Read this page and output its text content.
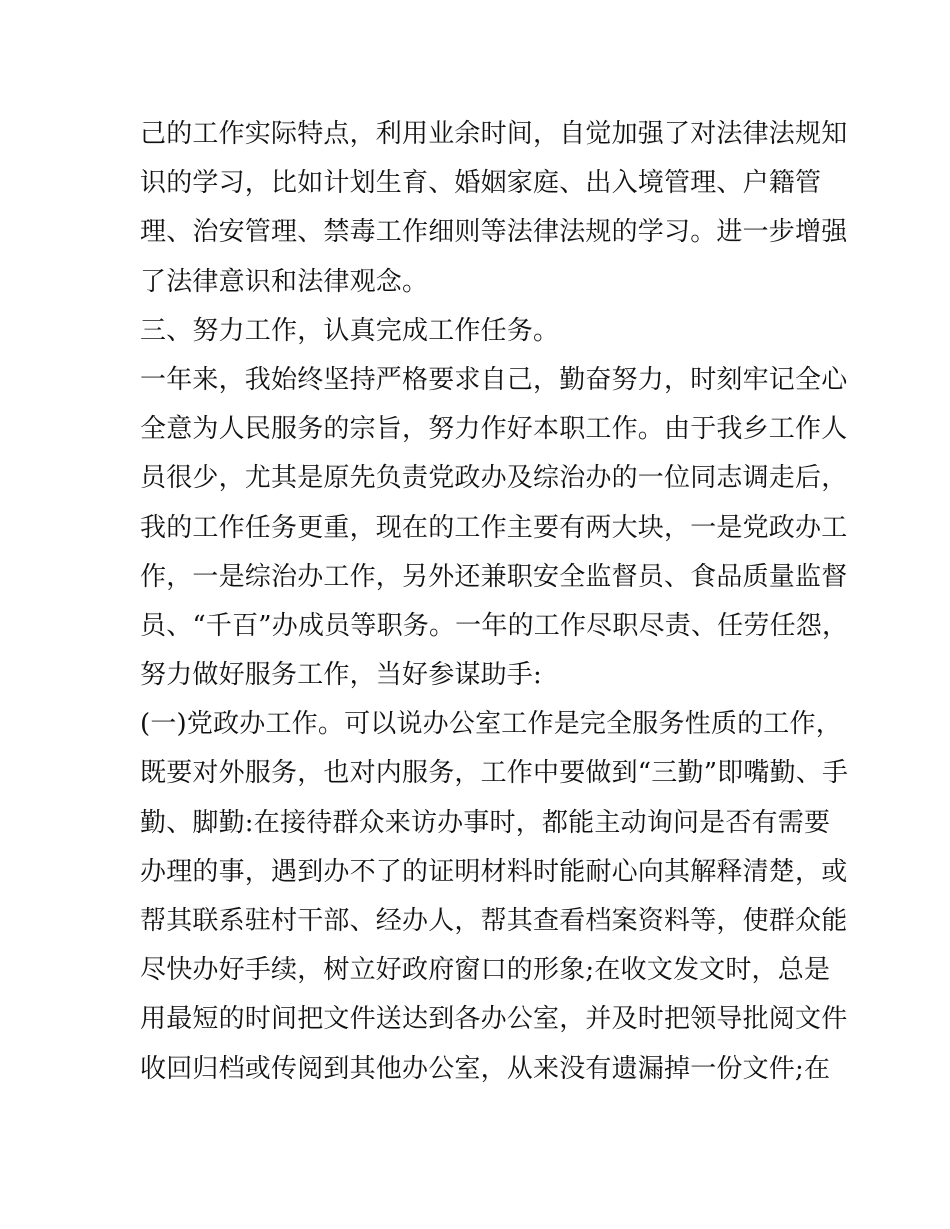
己的工作实际特点，利用业余时间，自觉加强了对法律法规知
识的学习，比如计划生育、婚姻家庭、出入境管理、户籍管
理、治安管理、禁毒工作细则等法律法规的学习。进一步增强
了法律意识和法律观念。
三、努力工作，认真完成工作任务。
一年来，我始终坚持严格要求自己，勤奋努力，时刻牢记全心
全意为人民服务的宗旨，努力作好本职工作。由于我乡工作人
员很少，尤其是原先负责党政办及综治办的一位同志调走后，
我的工作任务更重，现在的工作主要有两大块，一是党政办工
作，一是综治办工作，另外还兼职安全监督员、食品质量监督
员、“千百”办成员等职务。一年的工作尽职尽责、任劳任怨，
努力做好服务工作，当好参谋助手:
(一)党政办工作。可以说办公室工作是完全服务性质的工作，
既要对外服务，也对内服务，工作中要做到“三勤”即嘴勤、手
勤、脚勤:在接待群众来访办事时，都能主动询问是否有需要
办理的事，遇到办不了的证明材料时能耐心向其解释清楚，或
帮其联系驻村干部、经办人，帮其查看档案资料等，使群众能
尽快办好手续，树立好政府窗口的形象;在收文发文时，总是
用最短的时间把文件送达到各办公室，并及时把领导批阅文件
收回归档或传阅到其他办公室，从来没有遗漏掉一份文件;在
